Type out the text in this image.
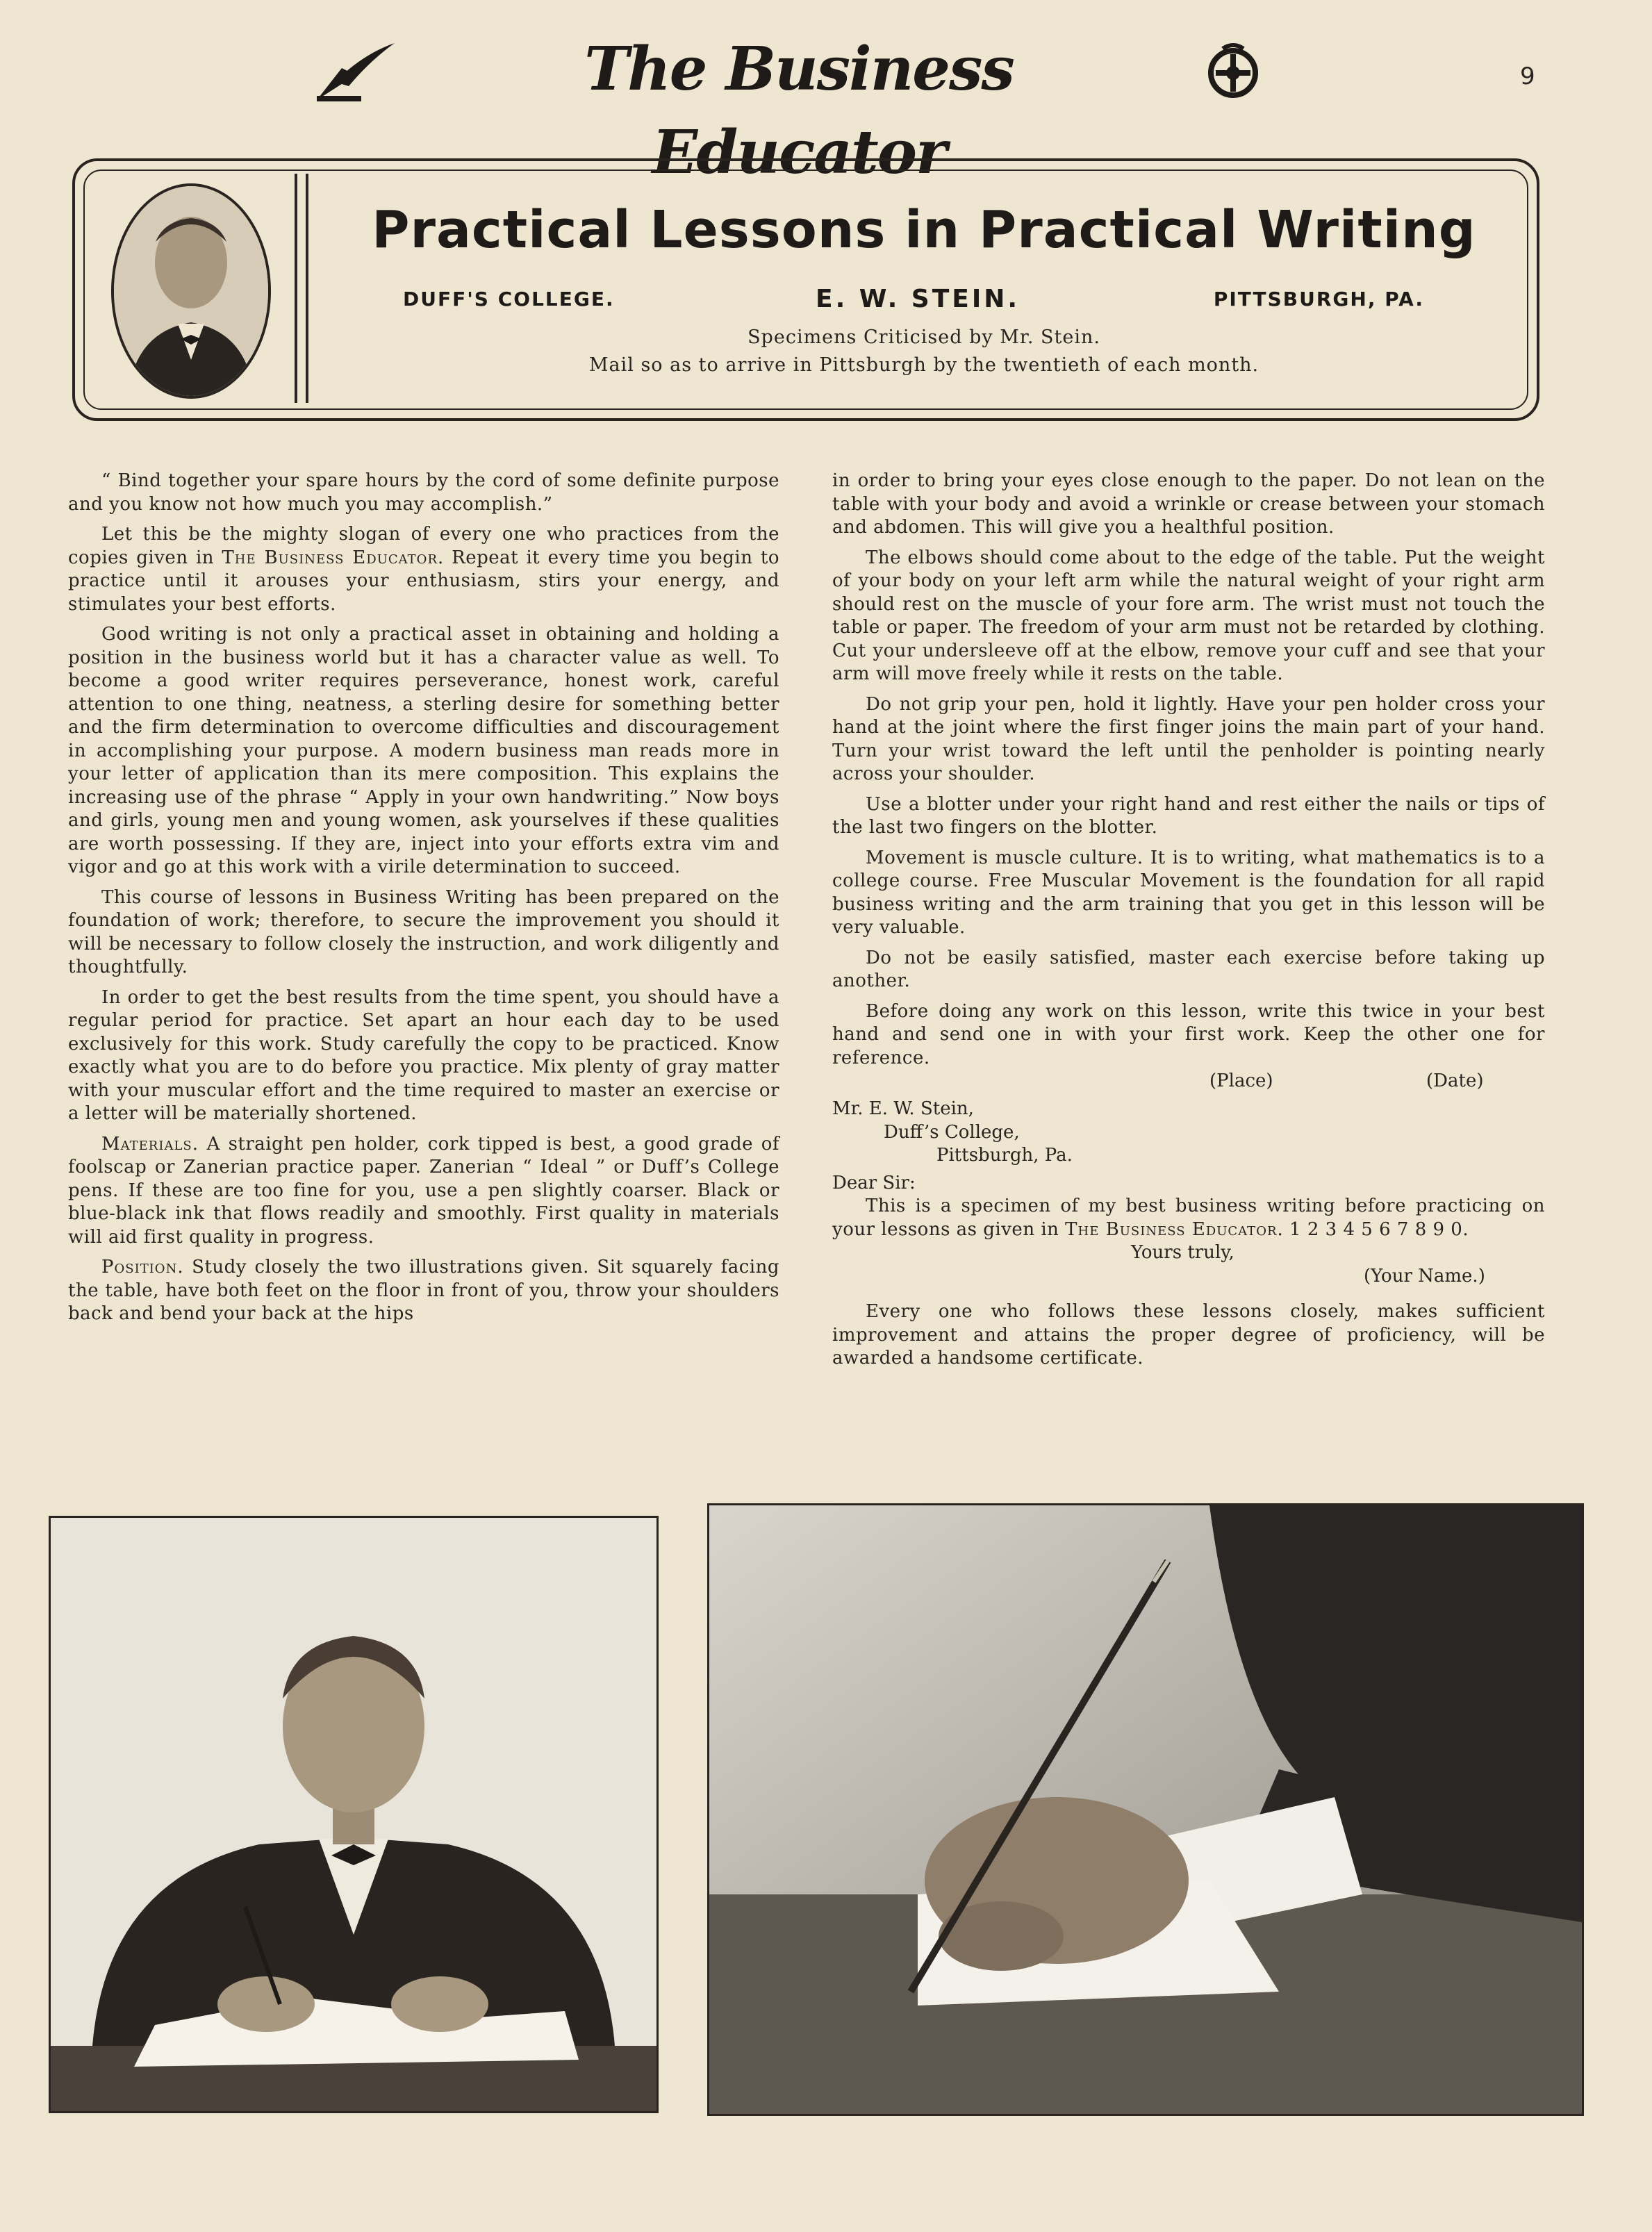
The Business Educator
9
Practical Lessons in Practical Writing
DUFF'S COLLEGE.	E. W. STEIN.	PITTSBURGH, PA.
Specimens Criticised by Mr. Stein.
Mail so as to arrive in Pittsburgh by the twentieth of each month.

“ Bind together your spare hours by the cord of some definite purpose and you know not how much you may accomplish.”

Let this be the mighty slogan of every one who practices from the copies given in The Business Educator. Repeat it every time you begin to practice until it arouses your enthusiasm, stirs your energy, and stimulates your best efforts.

Good writing is not only a practical asset in obtaining and holding a position in the business world but it has a character value as well. To become a good writer requires perseverance, honest work, careful attention to one thing, neatness, a sterling desire for something better and the firm determination to overcome difficulties and discouragement in accomplishing your purpose. A modern business man reads more in your letter of application than its mere composition. This explains the increasing use of the phrase “ Apply in your own handwriting.” Now boys and girls, young men and young women, ask yourselves if these qualities are worth possessing. If they are, inject into your efforts extra vim and vigor and go at this work with a virile determination to succeed.

This course of lessons in Business Writing has been prepared on the foundation of work; therefore, to secure the improvement you should it will be necessary to follow closely the instruction, and work diligently and thoughtfully.

In order to get the best results from the time spent, you should have a regular period for practice. Set apart an hour each day to be used exclusively for this work. Study carefully the copy to be practiced. Know exactly what you are to do before you practice. Mix plenty of gray matter with your muscular effort and the time required to master an exercise or a letter will be materially shortened.

Materials. A straight pen holder, cork tipped is best, a good grade of foolscap or Zanerian practice paper. Zanerian “ Ideal ” or Duff’s College pens. If these are too fine for you, use a pen slightly coarser. Black or blue-black ink that flows readily and smoothly. First quality in materials will aid first quality in progress.

Position. Study closely the two illustrations given. Sit squarely facing the table, have both feet on the floor in front of you, throw your shoulders back and bend your back at the hips

in order to bring your eyes close enough to the paper. Do not lean on the table with your body and avoid a wrinkle or crease between your stomach and abdomen. This will give you a healthful position.

The elbows should come about to the edge of the table. Put the weight of your body on your left arm while the natural weight of your right arm should rest on the muscle of your fore arm. The wrist must not touch the table or paper. The freedom of your arm must not be retarded by clothing. Cut your undersleeve off at the elbow, remove your cuff and see that your arm will move freely while it rests on the table.

Do not grip your pen, hold it lightly. Have your pen holder cross your hand at the joint where the first finger joins the main part of your hand. Turn your wrist toward the left until the penholder is pointing nearly across your shoulder.

Use a blotter under your right hand and rest either the nails or tips of the last two fingers on the blotter.

Movement is muscle culture. It is to writing, what mathematics is to a college course. Free Muscular Movement is the foundation for all rapid business writing and the arm training that you get in this lesson will be very valuable.

Do not be easily satisfied, master each exercise before taking up another.

Before doing any work on this lesson, write this twice in your best hand and send one in with your first work. Keep the other one for reference.

(Place)	(Date)
Mr. E. W. Stein,
Duff’s College,
Pittsburgh, Pa.
Dear Sir:

This is a specimen of my best business writing before practicing on your lessons as given in The Business Educator. 1 2 3 4 5 6 7 8 9 0.

Yours truly,
(Your Name.)

Every one who follows these lessons closely, makes sufficient improvement and attains the proper degree of proficiency, will be awarded a handsome certificate.
